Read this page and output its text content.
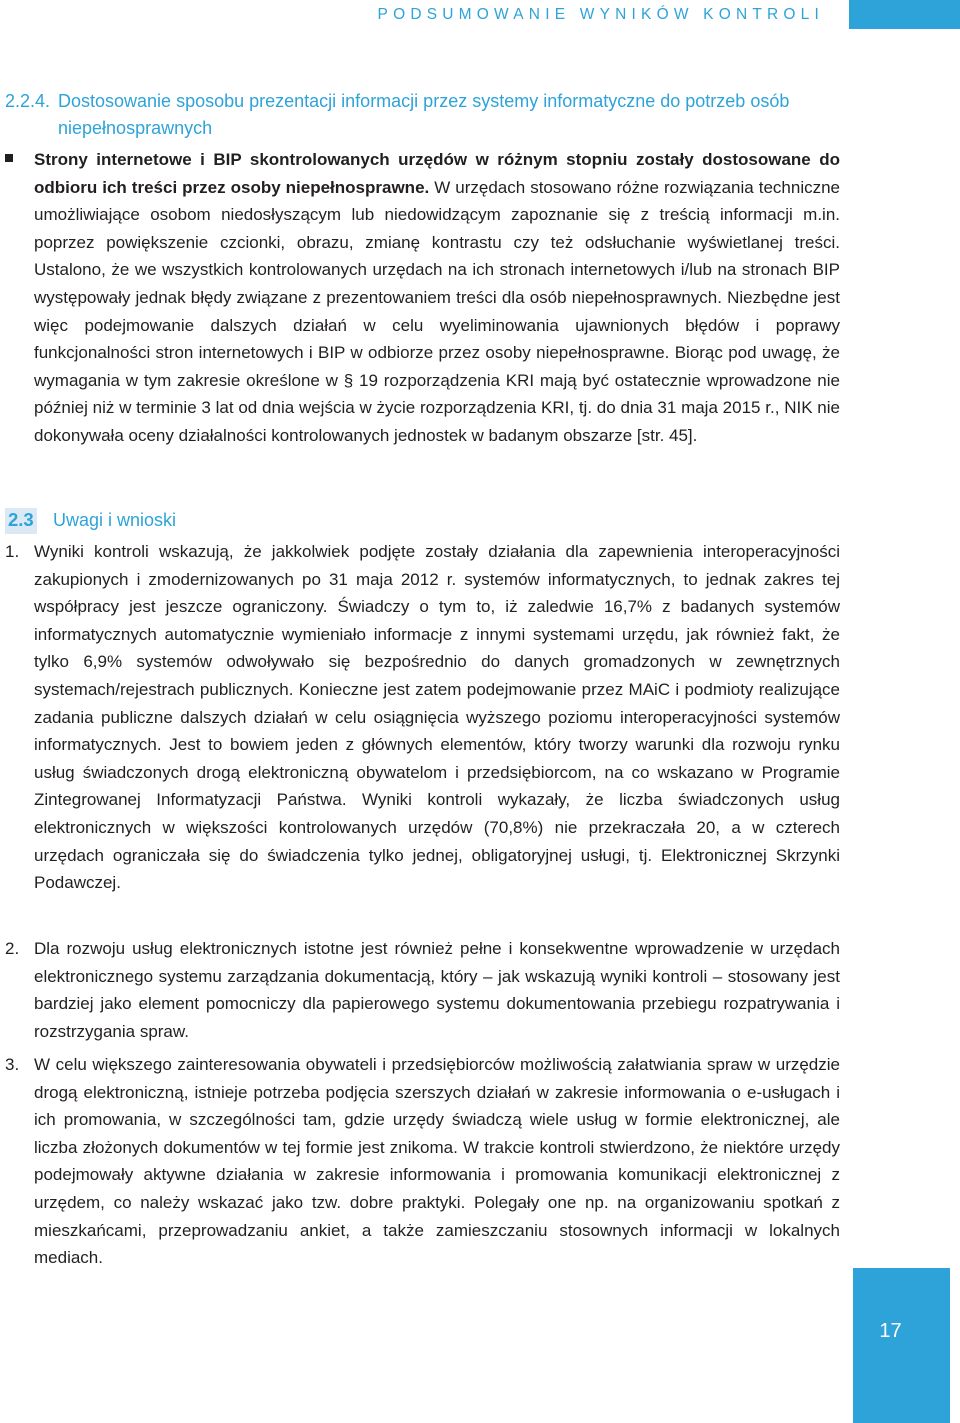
PODSUMOWANIE WYNIKÓW KONTROLI
2.2.4. Dostosowanie sposobu prezentacji informacji przez systemy informatyczne do potrzeb osób niepełnosprawnych
Strony internetowe i BIP skontrolowanych urzędów w różnym stopniu zostały dostosowane do odbioru ich treści przez osoby niepełnosprawne. W urzędach stosowano różne rozwiązania techniczne umożliwiające osobom niedosłyszącym lub niedowidzącym zapoznanie się z treścią informacji m.in. poprzez powiększenie czcionki, obrazu, zmianę kontrastu czy też odsłuchanie wyświetlanej treści. Ustalono, że we wszystkich kontrolowanych urzędach na ich stronach internetowych i/lub na stronach BIP występowały jednak błędy związane z prezentowaniem treści dla osób niepełnosprawnych. Niezbędne jest więc podejmowanie dalszych działań w celu wyeliminowania ujawnionych błędów i poprawy funkcjonalności stron internetowych i BIP w odbiorze przez osoby niepełnosprawne. Biorąc pod uwagę, że wymagania w tym zakresie określone w § 19 rozporządzenia KRI mają być ostatecznie wprowadzone nie później niż w terminie 3 lat od dnia wejścia w życie rozporządzenia KRI, tj. do dnia 31 maja 2015 r., NIK nie dokonywała oceny działalności kontrolowanych jednostek w badanym obszarze [str. 45].
2.3 Uwagi i wnioski
1. Wyniki kontroli wskazują, że jakkolwiek podjęte zostały działania dla zapewnienia interoperacyjności zakupionych i zmodernizowanych po 31 maja 2012 r. systemów informatycznych, to jednak zakres tej współpracy jest jeszcze ograniczony. Świadczy o tym to, iż zaledwie 16,7% z badanych systemów informatycznych automatycznie wymieniało informacje z innymi systemami urzędu, jak również fakt, że tylko 6,9% systemów odwoływało się bezpośrednio do danych gromadzonych w zewnętrznych systemach/rejestrach publicznych. Konieczne jest zatem podejmowanie przez MAiC i podmioty realizujące zadania publiczne dalszych działań w celu osiągnięcia wyższego poziomu interoperacyjności systemów informatycznych. Jest to bowiem jeden z głównych elementów, który tworzy warunki dla rozwoju rynku usług świadczonych drogą elektroniczną obywatelom i przedsiębiorcom, na co wskazano w Programie Zintegrowanej Informatyzacji Państwa. Wyniki kontroli wykazały, że liczba świadczonych usług elektronicznych w większości kontrolowanych urzędów (70,8%) nie przekraczała 20, a w czterech urzędach ograniczała się do świadczenia tylko jednej, obligatoryjnej usługi, tj. Elektronicznej Skrzynki Podawczej.
2. Dla rozwoju usług elektronicznych istotne jest również pełne i konsekwentne wprowadzenie w urzędach elektronicznego systemu zarządzania dokumentacją, który – jak wskazują wyniki kontroli – stosowany jest bardziej jako element pomocniczy dla papierowego systemu dokumentowania przebiegu rozpatrywania i rozstrzygania spraw.
3. W celu większego zainteresowania obywateli i przedsiębiorców możliwością załatwiania spraw w urzędzie drogą elektroniczną, istnieje potrzeba podjęcia szerszych działań w zakresie informowania o e-usługach i ich promowania, w szczególności tam, gdzie urzędy świadczą wiele usług w formie elektronicznej, ale liczba złożonych dokumentów w tej formie jest znikoma. W trakcie kontroli stwierdzono, że niektóre urzędy podejmowały aktywne działania w zakresie informowania i promowania komunikacji elektronicznej z urzędem, co należy wskazać jako tzw. dobre praktyki. Polegały one np. na organizowaniu spotkań z mieszkańcami, przeprowadzaniu ankiet, a także zamieszczaniu stosownych informacji w lokalnych mediach.
17
